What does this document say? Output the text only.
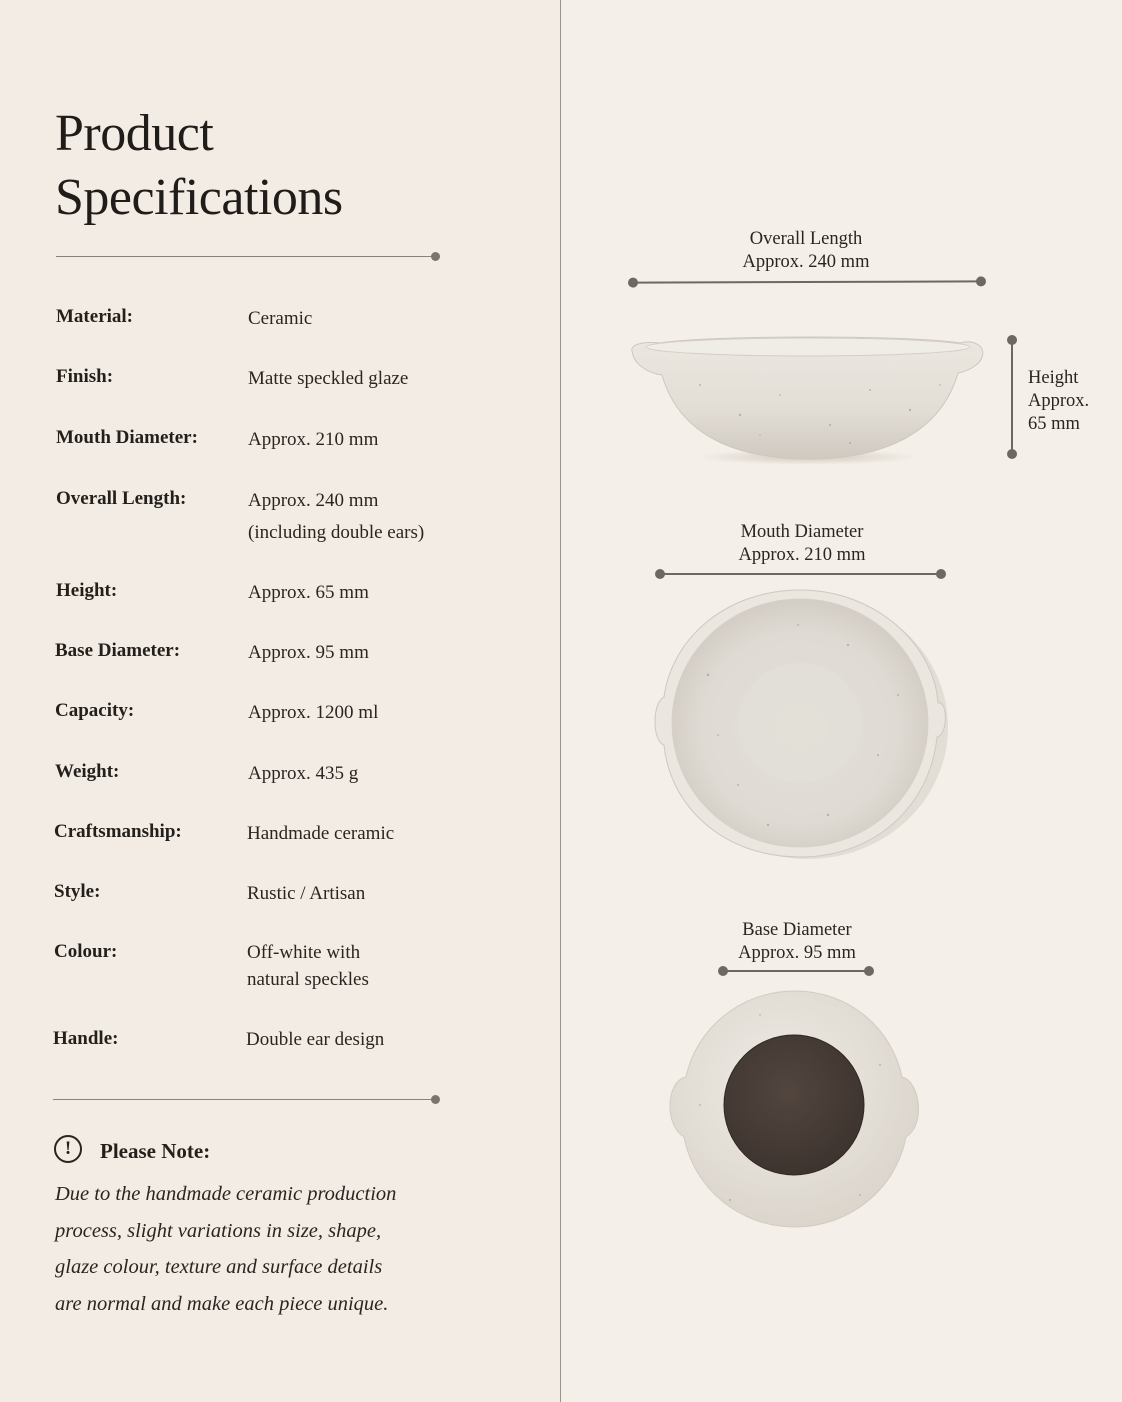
Product
Specifications
Material:	Ceramic
Finish:	Matte speckled glaze
Mouth Diameter:	Approx. 210 mm
Overall Length:	Approx. 240 mm
(including double ears)
Height:	Approx. 65 mm
Base Diameter:	Approx. 95 mm
Capacity:	Approx. 1200 ml
Weight:	Approx. 435 g
Craftsmanship:	Handmade ceramic
Style:	Rustic / Artisan
Colour:	Off-white with
natural speckles
Handle:	Double ear design
!	Please Note:
Due to the handmade ceramic production
process, slight variations in size, shape,
glaze colour, texture and surface details
are normal and make each piece unique.
Overall Length
Approx. 240 mm
Height
Approx.
65 mm
Mouth Diameter
Approx. 210 mm
Base Diameter
Approx. 95 mm
